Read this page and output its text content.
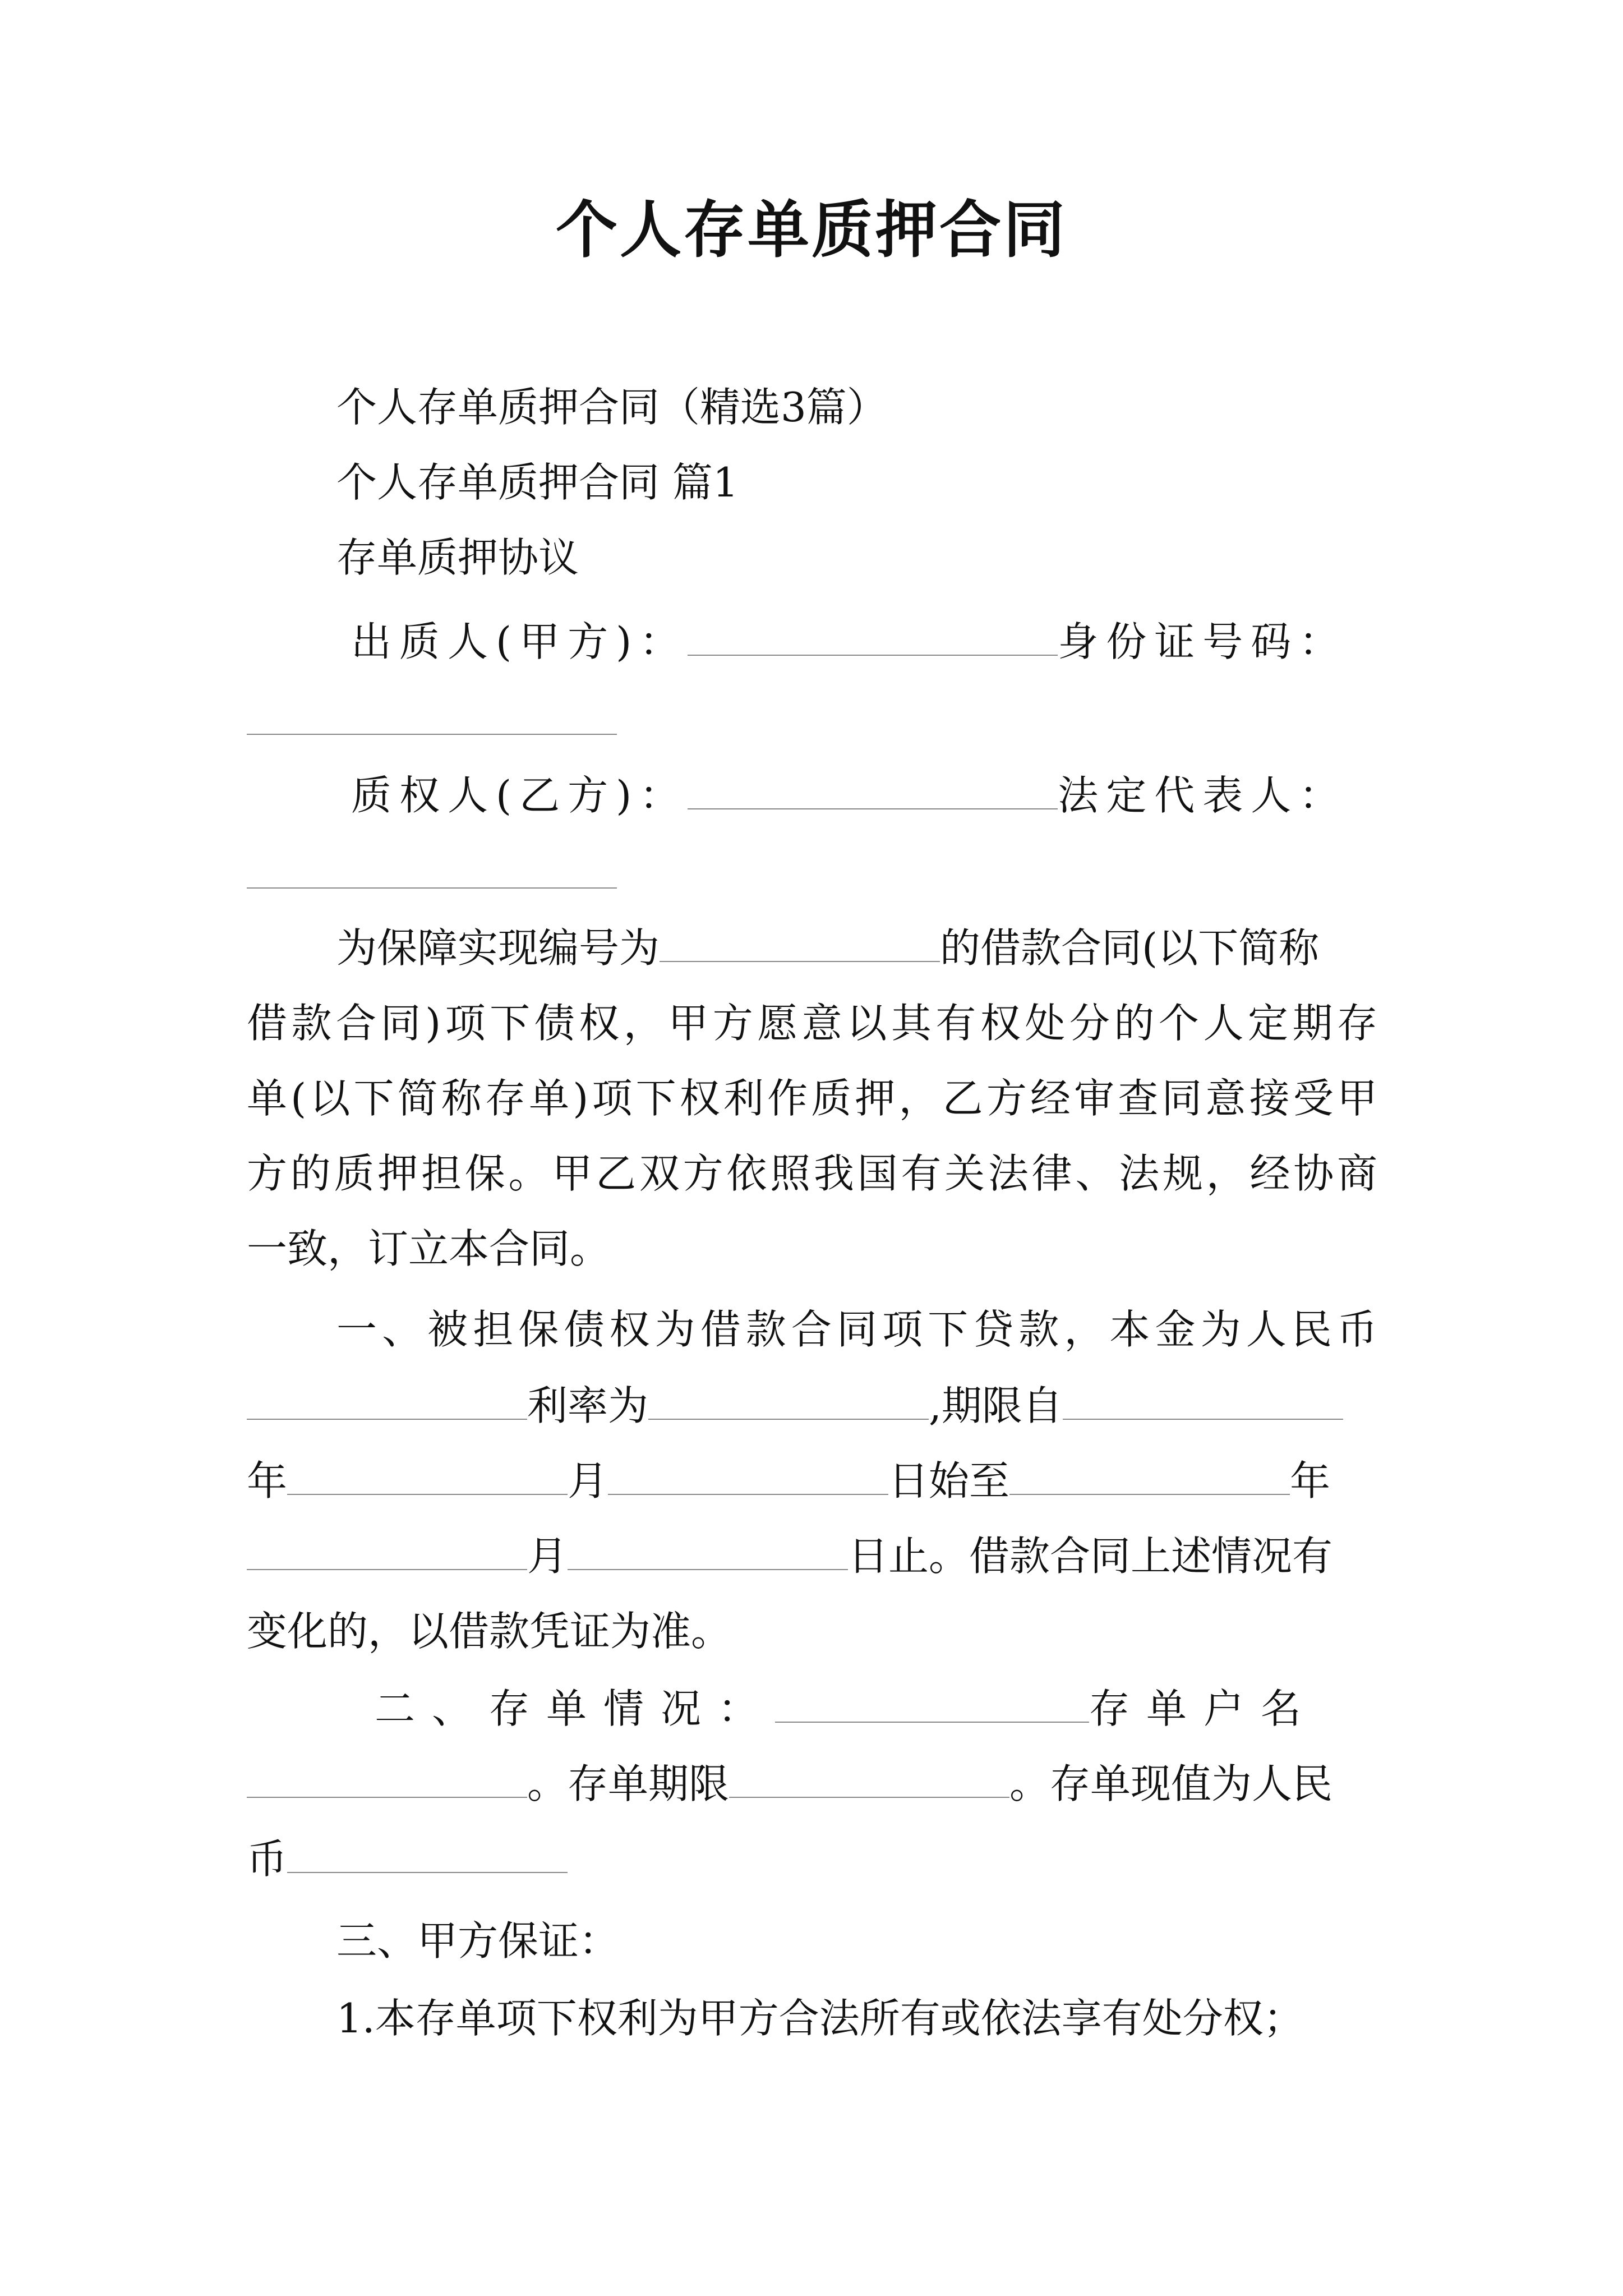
个人存单质押合同
个人存单质押合同（精选3篇）
个人存单质押合同 篇1
存单质押协议
出质人(甲方)：	身份证号码：
质权人(乙方)：	法定代表人：
为保障实现编号为	的借款合同(以下简称
借款合同)项下债权，甲方愿意以其有权处分的个人定期存
单(以下简称存单)项下权利作质押，乙方经审查同意接受甲
方的质押担保。甲乙双方依照我国有关法律、法规，经协商
一致，订立本合同。
一、被担保债权为借款合同项下贷款，本金为人民币
利率为	,期限自
年	月	日始至	年
月	日止。借款合同上述情况有
变化的，以借款凭证为准。
二、存单情况：	存单户名
。存单期限	。存单现值为人民
币
三、甲方保证：
1.本存单项下权利为甲方合法所有或依法享有处分权；
